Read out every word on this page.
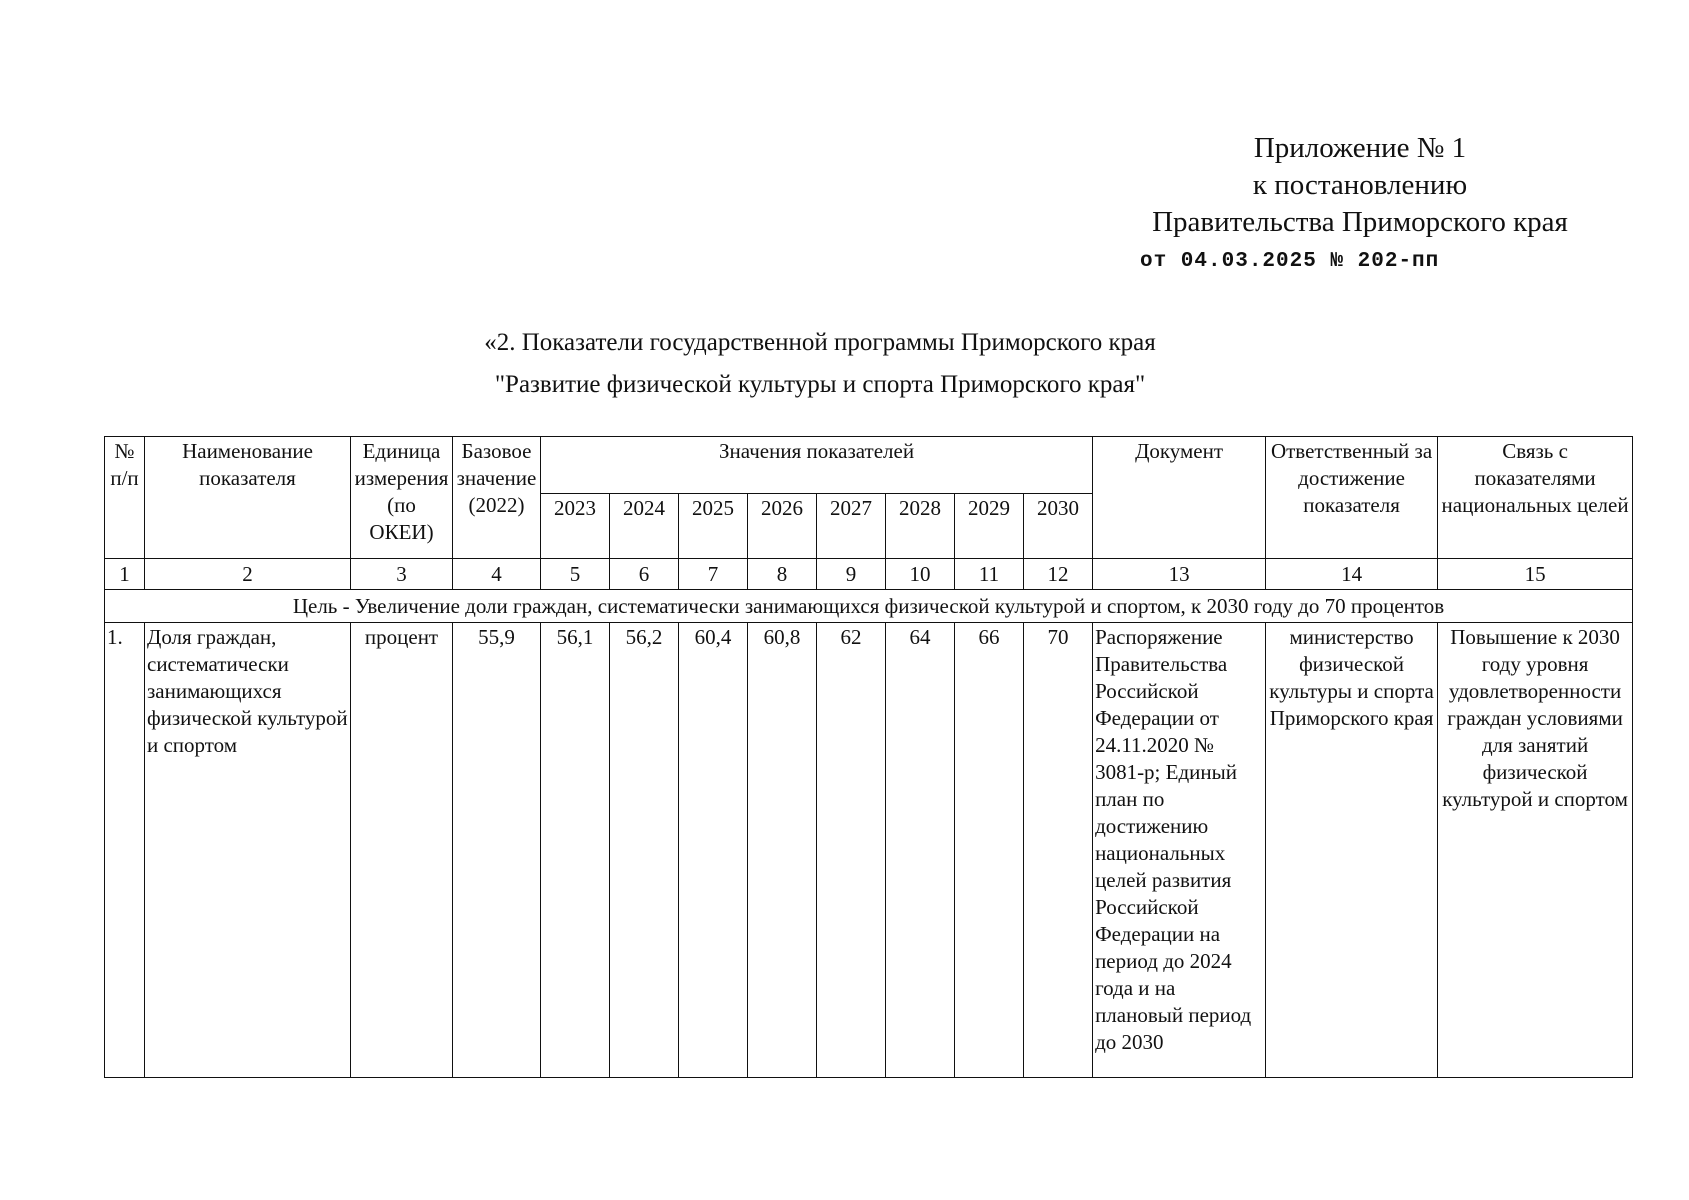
Приложение № 1
к постановлению
Правительства Приморского края
от 04.03.2025 № 202-пп
«2. Показатели государственной программы Приморского края
"Развитие физической культуры и спорта Приморского края"
№ п/п	Наименование показателя	Единица измерения (по ОКЕИ)	Базовое значение (2022)	Значения показателей								Документ	Ответственный за достижение показателя	Связь с показателями национальных целей
				2023	2024	2025	2026	2027	2028	2029	2030			
1	2	3	4	5	6	7	8	9	10	11	12	13	14	15
Цель - Увеличение доли граждан, систематически занимающихся физической культурой и спортом, к 2030 году до 70 процентов														
1.	Доля граждан, систематически занимающихся физической культурой и спортом	процент	55,9	56,1	56,2	60,4	60,8	62	64	66	70	Распоряжение Правительства Российской Федерации от 24.11.2020 № 3081-р; Единый план по достижению национальных целей развития Российской Федерации на период до 2024 года и на плановый период до 2030	министерство физической культуры и спорта Приморского края	Повышение к 2030 году уровня удовлетворенности граждан условиями для занятий физической культурой и спортом
